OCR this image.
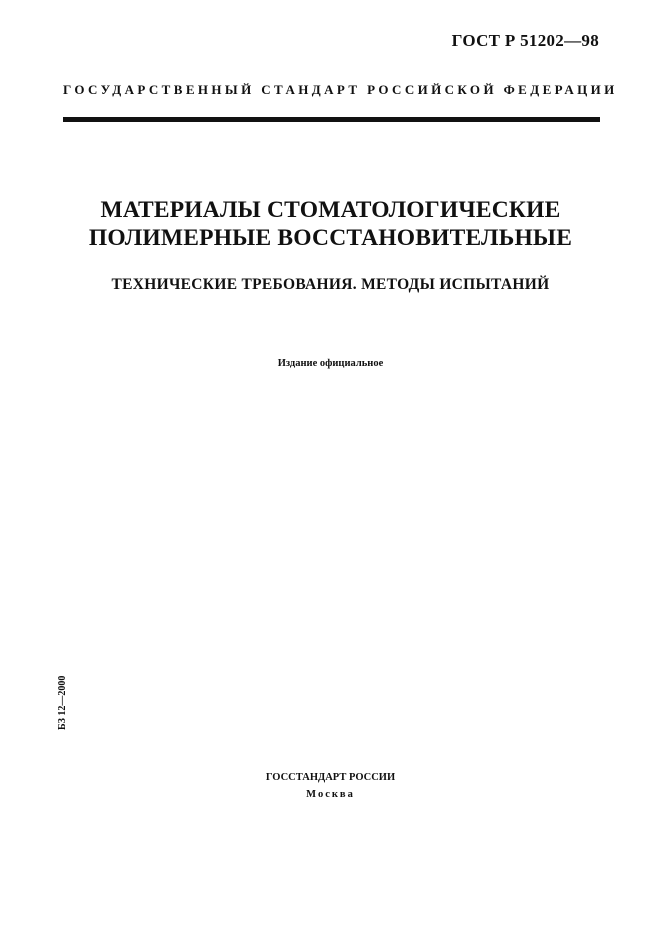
ГОСТ Р 51202—98
ГОСУДАРСТВЕННЫЙ СТАНДАРТ РОССИЙСКОЙ ФЕДЕРАЦИИ
МАТЕРИАЛЫ СТОМАТОЛОГИЧЕСКИЕ
ПОЛИМЕРНЫЕ ВОССТАНОВИТЕЛЬНЫЕ
ТЕХНИЧЕСКИЕ ТРЕБОВАНИЯ. МЕТОДЫ ИСПЫТАНИЙ
Издание официальное
БЗ 12—2000
ГОССТАНДАРТ РОССИИ
Москва
